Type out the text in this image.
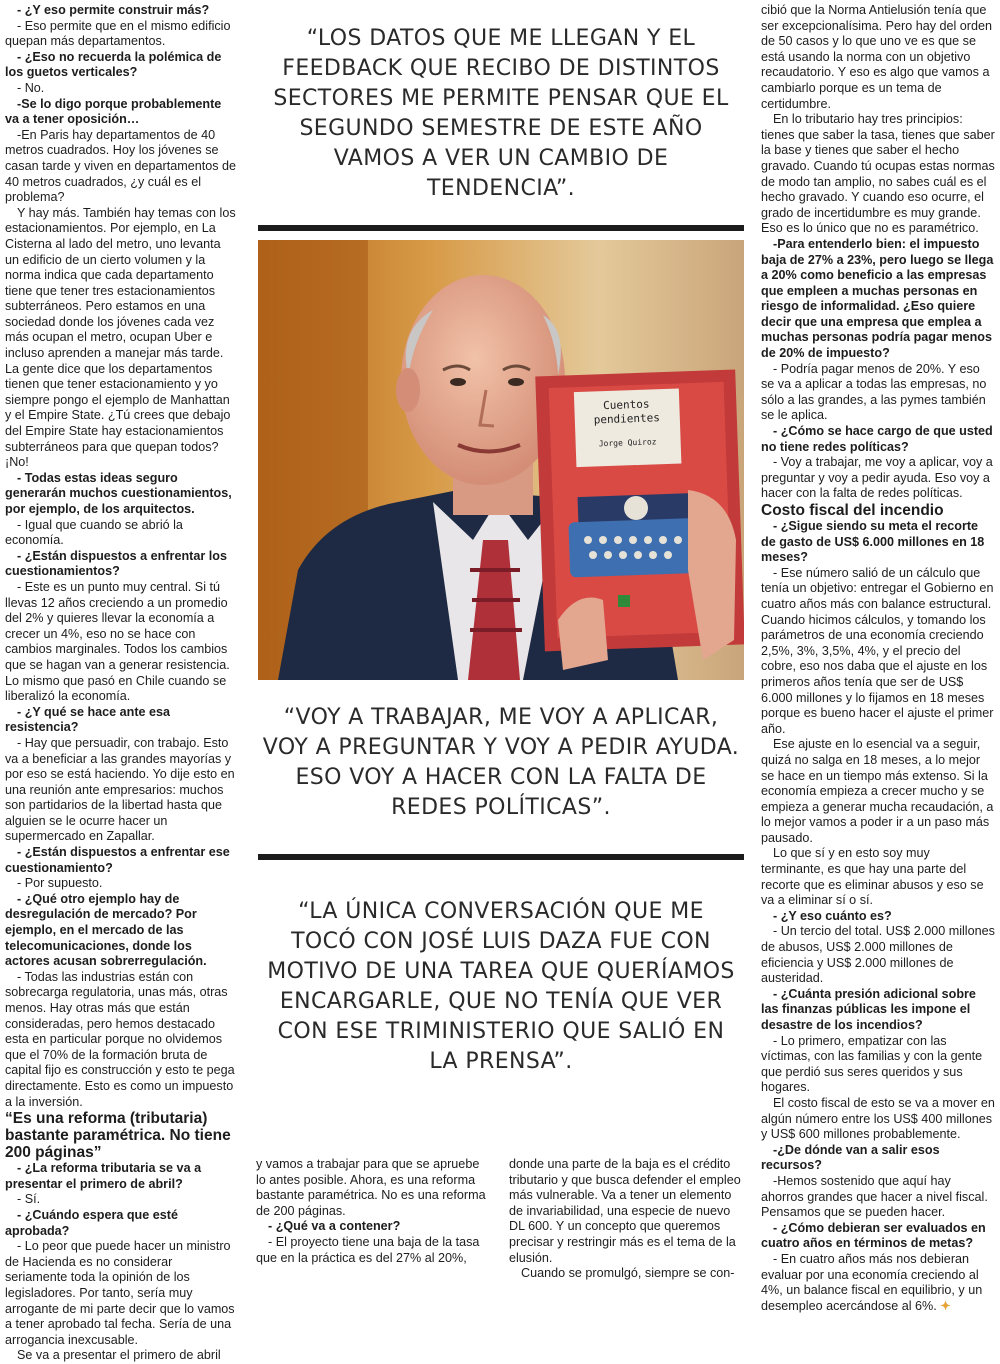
- ¿Y eso permite construir más?

- Eso permite que en el mismo edificio quepan más departamentos.

- ¿Eso no recuerda la polémica de los guetos verticales?

- No.

-Se lo digo porque probablemente va a tener oposición…

-En Paris hay departamentos de 40 metros cuadrados. Hoy los jóvenes se casan tarde y viven en departamentos de 40 metros cuadrados, ¿y cuál es el problema?

Y hay más. También hay temas con los estacionamientos. Por ejemplo, en La Cisterna al lado del metro, uno levanta un edificio de un cierto volumen y la norma indica que cada departamento tiene que tener tres estacionamientos subterráneos. Pero estamos en una sociedad donde los jóvenes cada vez más ocupan el metro, ocupan Uber e incluso aprenden a manejar más tarde. La gente dice que los departamentos tienen que tener estacionamiento y yo siempre pongo el ejemplo de Manhattan y el Empire State. ¿Tú crees que debajo del Empire State hay estacionamientos subterráneos para que quepan todos? ¡No!

- Todas estas ideas seguro generarán muchos cuestionamientos, por ejemplo, de los arquitectos.

- Igual que cuando se abrió la economía.

- ¿Están dispuestos a enfrentar los cuestionamientos?

- Este es un punto muy central. Si tú llevas 12 años creciendo a un promedio del 2% y quieres llevar la economía a crecer un 4%, eso no se hace con cambios marginales. Todos los cambios que se hagan van a generar resistencia. Lo mismo que pasó en Chile cuando se liberalizó la economía.

- ¿Y qué se hace ante esa resistencia?

- Hay que persuadir, con trabajo. Esto va a beneficiar a las grandes mayorías y por eso se está haciendo. Yo dije esto en una reunión ante empresarios: muchos son partidarios de la libertad hasta que alguien se le ocurre hacer un supermercado en Zapallar.

- ¿Están dispuestos a enfrentar ese cuestionamiento?

- Por supuesto.

- ¿Qué otro ejemplo hay de desregulación de mercado? Por ejemplo, en el mercado de las telecomunicaciones, donde los actores acusan sobrerregulación.

- Todas las industrias están con sobrecarga regulatoria, unas más, otras menos. Hay otras más que están consideradas, pero hemos destacado esta en particular porque no olvidemos que el 70% de la formación bruta de capital fijo es construcción y esto te pega directamente. Esto es como un impuesto a la inversión.

“Es una reforma (tributaria) bastante paramétrica. No tiene 200 páginas”

- ¿La reforma tributaria se va a presentar el primero de abril?

- Sí.

- ¿Cuándo espera que esté aprobada?

- Lo peor que puede hacer un ministro de Hacienda es no considerar seriamente toda la opinión de los legisladores. Por tanto, sería muy arrogante de mi parte decir que lo vamos a tener aprobado tal fecha. Sería de una arrogancia inexcusable.

Se va a presentar el primero de abril

“LOS DATOS QUE ME LLEGAN Y EL FEEDBACK QUE RECIBO DE DISTINTOS SECTORES ME PERMITE PENSAR QUE EL SEGUNDO SEMESTRE DE ESTE AÑO VAMOS A VER UN CAMBIO DE TENDENCIA”.
Cuentos
pendientes
Jorge Quiroz
“VOY A TRABAJAR, ME VOY A APLICAR, VOY A PREGUNTAR Y VOY A PEDIR AYUDA. ESO VOY A HACER CON LA FALTA DE REDES POLÍTICAS”.
“LA ÚNICA CONVERSACIÓN QUE ME TOCÓ CON JOSÉ LUIS DAZA FUE CON MOTIVO DE UNA TAREA QUE QUERÍAMOS ENCARGARLE, QUE NO TENÍA QUE VER CON ESE TRIMINISTERIO QUE SALIÓ EN LA PRENSA”.

y vamos a trabajar para que se apruebe lo antes posible. Ahora, es una reforma bastante paramétrica. No es una reforma de 200 páginas.

- ¿Qué va a contener?

- El proyecto tiene una baja de la tasa que en la práctica es del 27% al 20%,

donde una parte de la baja es el crédito tributario y que busca defender el empleo más vulnerable. Va a tener un elemento de invariabilidad, una especie de nuevo DL 600. Y un concepto que queremos precisar y restringir más es el tema de la elusión.

Cuando se promulgó, siempre se con-

cibió que la Norma Antielusión tenía que ser excepcionalísima. Pero hay del orden de 50 casos y lo que uno ve es que se está usando la norma con un objetivo recaudatorio. Y eso es algo que vamos a cambiarlo porque es un tema de certidumbre.

En lo tributario hay tres principios: tienes que saber la tasa, tienes que saber la base y tienes que saber el hecho gravado. Cuando tú ocupas estas normas de modo tan amplio, no sabes cuál es el hecho gravado. Y cuando eso ocurre, el grado de incertidumbre es muy grande. Eso es lo único que no es paramétrico.

-Para entenderlo bien: el impuesto baja de 27% a 23%, pero luego se llega a 20% como beneficio a las empresas que empleen a muchas personas en riesgo de informalidad. ¿Eso quiere decir que una empresa que emplea a muchas personas podría pagar menos de 20% de impuesto?

- Podría pagar menos de 20%. Y eso se va a aplicar a todas las empresas, no sólo a las grandes, a las pymes también se le aplica.

- ¿Cómo se hace cargo de que usted no tiene redes políticas?

- Voy a trabajar, me voy a aplicar, voy a preguntar y voy a pedir ayuda. Eso voy a hacer con la falta de redes políticas.

Costo fiscal del incendio

- ¿Sigue siendo su meta el recorte de gasto de US$ 6.000 millones en 18 meses?

- Ese número salió de un cálculo que tenía un objetivo: entregar el Gobierno en cuatro años más con balance estructural. Cuando hicimos cálculos, y tomando los parámetros de una economía creciendo 2,5%, 3%, 3,5%, 4%, y el precio del cobre, eso nos daba que el ajuste en los primeros años tenía que ser de US$ 6.000 millones y lo fijamos en 18 meses porque es bueno hacer el ajuste el primer año.

Ese ajuste en lo esencial va a seguir, quizá no salga en 18 meses, a lo mejor se hace en un tiempo más extenso. Si la economía empieza a crecer mucho y se empieza a generar mucha recaudación, a lo mejor vamos a poder ir a un paso más pausado.

Lo que sí y en esto soy muy terminante, es que hay una parte del recorte que es eliminar abusos y eso se va a eliminar sí o sí.

- ¿Y eso cuánto es?

- Un tercio del total. US$ 2.000 millones de abusos, US$ 2.000 millones de eficiencia y US$ 2.000 millones de austeridad.

- ¿Cuánta presión adicional sobre las finanzas públicas les impone el desastre de los incendios?

- Lo primero, empatizar con las víctimas, con las familias y con la gente que perdió sus seres queridos y sus hogares.

El costo fiscal de esto se va a mover en algún número entre los US$ 400 millones y US$ 600 millones probablemente.

-¿De dónde van a salir esos recursos?

-Hemos sostenido que aquí hay ahorros grandes que hacer a nivel fiscal. Pensamos que se pueden hacer.

- ¿Cómo debieran ser evaluados en cuatro años en términos de metas?

- En cuatro años más nos debieran evaluar por una economía creciendo al 4%, un balance fiscal en equilibrio, y un desempleo acercándose al 6%. ✦
